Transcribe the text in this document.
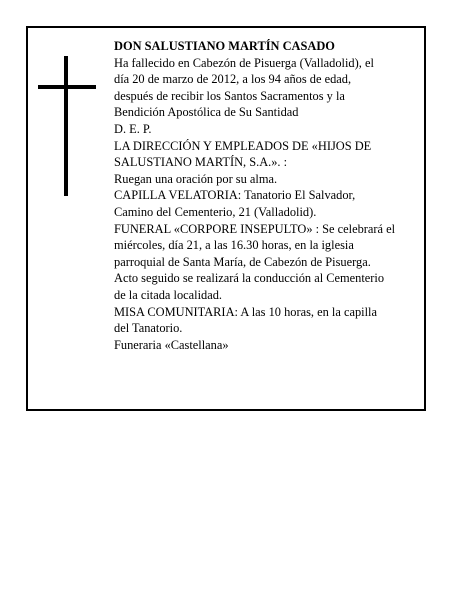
DON SALUSTIANO MARTÍN CASADO

Ha fallecido en Cabezón de Pisuerga (Valladolid), el

día 20 de marzo de 2012, a los 94 años de edad,

después de recibir los Santos Sacramentos y la

Bendición Apostólica de Su Santidad

D. E. P.

LA DIRECCIÓN Y EMPLEADOS DE «HIJOS DE

SALUSTIANO MARTÍN, S.A.». :

Ruegan una oración por su alma.

CAPILLA VELATORIA: Tanatorio El Salvador,

Camino del Cementerio, 21 (Valladolid).

FUNERAL «CORPORE INSEPULTO» : Se celebrará el

miércoles, día 21, a las 16.30 horas, en la iglesia

parroquial de Santa María, de Cabezón de Pisuerga.

Acto seguido se realizará la conducción al Cementerio

de la citada localidad.

MISA COMUNITARIA: A las 10 horas, en la capilla

del Tanatorio.

Funeraria «Castellana»
